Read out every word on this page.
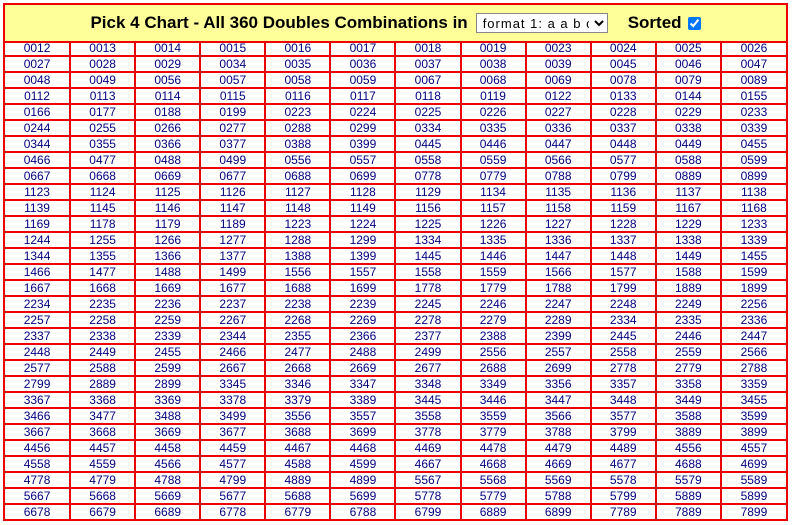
Pick 4 Chart - All 360 Doubles Combinations in
format 1: a a b c	Sorted
0012	0013	0014	0015	0016	0017	0018	0019	0023	0024	0025	0026
0027	0028	0029	0034	0035	0036	0037	0038	0039	0045	0046	0047
0048	0049	0056	0057	0058	0059	0067	0068	0069	0078	0079	0089
0112	0113	0114	0115	0116	0117	0118	0119	0122	0133	0144	0155
0166	0177	0188	0199	0223	0224	0225	0226	0227	0228	0229	0233
0244	0255	0266	0277	0288	0299	0334	0335	0336	0337	0338	0339
0344	0355	0366	0377	0388	0399	0445	0446	0447	0448	0449	0455
0466	0477	0488	0499	0556	0557	0558	0559	0566	0577	0588	0599
0667	0668	0669	0677	0688	0699	0778	0779	0788	0799	0889	0899
1123	1124	1125	1126	1127	1128	1129	1134	1135	1136	1137	1138
1139	1145	1146	1147	1148	1149	1156	1157	1158	1159	1167	1168
1169	1178	1179	1189	1223	1224	1225	1226	1227	1228	1229	1233
1244	1255	1266	1277	1288	1299	1334	1335	1336	1337	1338	1339
1344	1355	1366	1377	1388	1399	1445	1446	1447	1448	1449	1455
1466	1477	1488	1499	1556	1557	1558	1559	1566	1577	1588	1599
1667	1668	1669	1677	1688	1699	1778	1779	1788	1799	1889	1899
2234	2235	2236	2237	2238	2239	2245	2246	2247	2248	2249	2256
2257	2258	2259	2267	2268	2269	2278	2279	2289	2334	2335	2336
2337	2338	2339	2344	2355	2366	2377	2388	2399	2445	2446	2447
2448	2449	2455	2466	2477	2488	2499	2556	2557	2558	2559	2566
2577	2588	2599	2667	2668	2669	2677	2688	2699	2778	2779	2788
2799	2889	2899	3345	3346	3347	3348	3349	3356	3357	3358	3359
3367	3368	3369	3378	3379	3389	3445	3446	3447	3448	3449	3455
3466	3477	3488	3499	3556	3557	3558	3559	3566	3577	3588	3599
3667	3668	3669	3677	3688	3699	3778	3779	3788	3799	3889	3899
4456	4457	4458	4459	4467	4468	4469	4478	4479	4489	4556	4557
4558	4559	4566	4577	4588	4599	4667	4668	4669	4677	4688	4699
4778	4779	4788	4799	4889	4899	5567	5568	5569	5578	5579	5589
5667	5668	5669	5677	5688	5699	5778	5779	5788	5799	5889	5899
6678	6679	6689	6778	6779	6788	6799	6889	6899	7789	7889	7899
